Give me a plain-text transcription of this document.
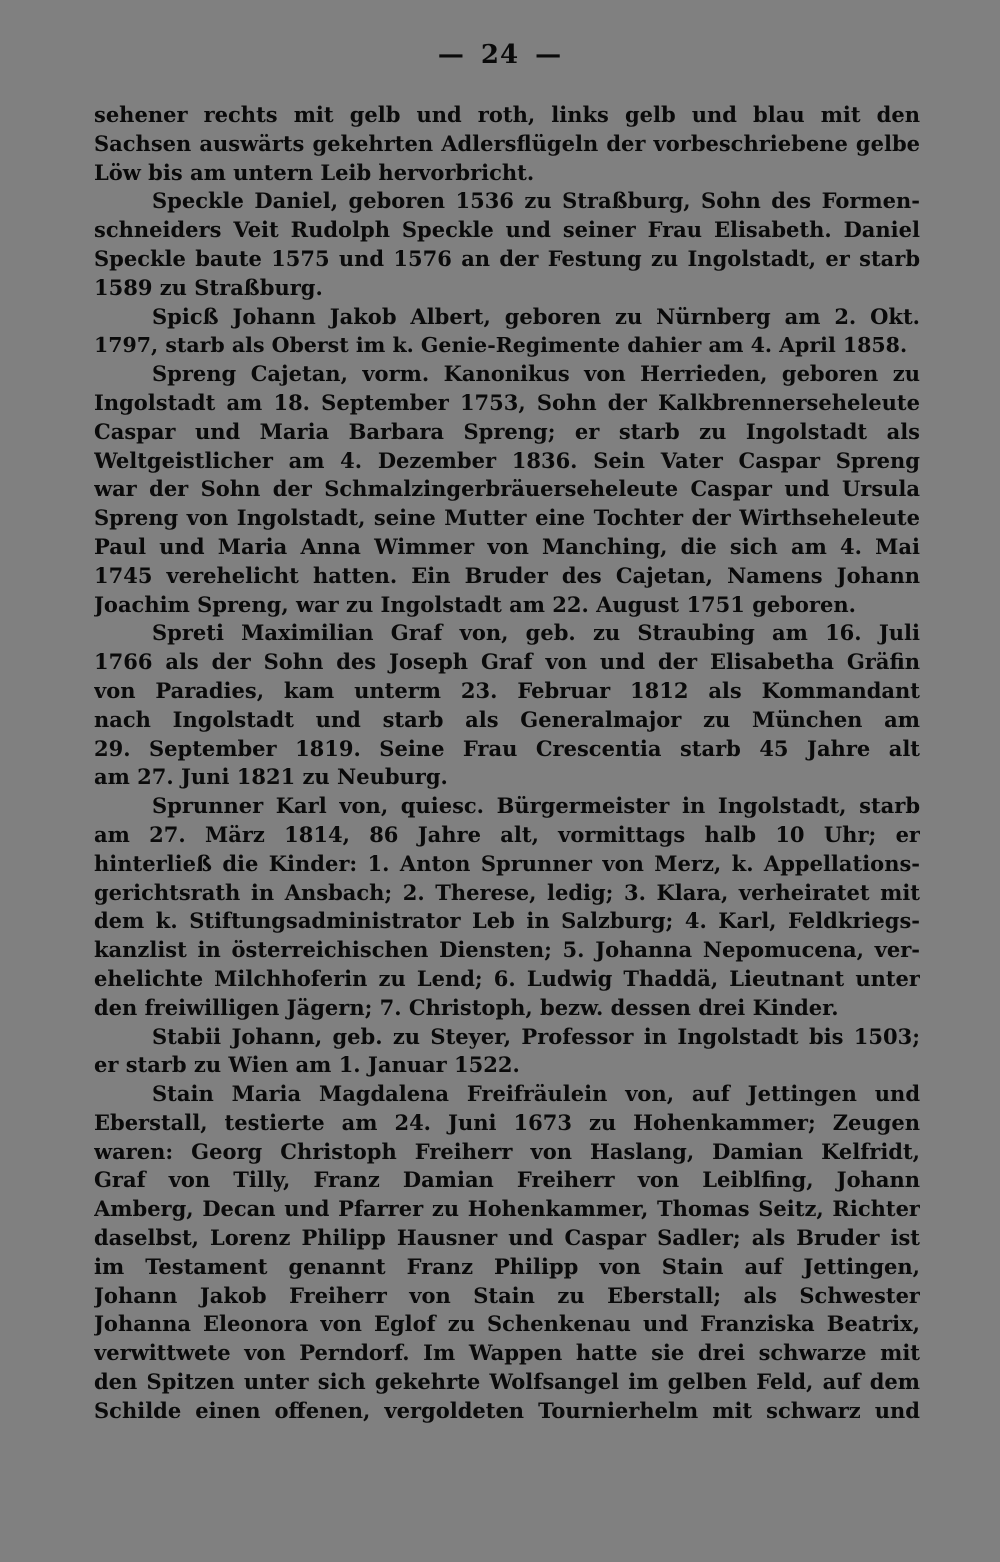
— 24 —
sehener rechts mit gelb und roth, links gelb und blau mit den
Sachsen auswärts gekehrten Adlersflügeln der vorbeschriebene gelbe
Löw bis am untern Leib hervorbricht.
Speckle Daniel, geboren 1536 zu Straßburg, Sohn des Formen-
schneiders Veit Rudolph Speckle und seiner Frau Elisabeth. Daniel
Speckle baute 1575 und 1576 an der Festung zu Ingolstadt, er starb
1589 zu Straßburg.
Spicß Johann Jakob Albert, geboren zu Nürnberg am 2. Okt.
1797, starb als Oberst im k. Genie-Regimente dahier am 4. April 1858.
Spreng Cajetan, vorm. Kanonikus von Herrieden, geboren zu
Ingolstadt am 18. September 1753, Sohn der Kalkbrennerseheleute
Caspar und Maria Barbara Spreng; er starb zu Ingolstadt als
Weltgeistlicher am 4. Dezember 1836. Sein Vater Caspar Spreng
war der Sohn der Schmalzingerbräuerseheleute Caspar und Ursula
Spreng von Ingolstadt, seine Mutter eine Tochter der Wirthseheleute
Paul und Maria Anna Wimmer von Manching, die sich am 4. Mai
1745 verehelicht hatten. Ein Bruder des Cajetan, Namens Johann
Joachim Spreng, war zu Ingolstadt am 22. August 1751 geboren.
Spreti Maximilian Graf von, geb. zu Straubing am 16. Juli
1766 als der Sohn des Joseph Graf von und der Elisabetha Gräfin
von Paradies, kam unterm 23. Februar 1812 als Kommandant
nach Ingolstadt und starb als Generalmajor zu München am
29. September 1819. Seine Frau Crescentia starb 45 Jahre alt
am 27. Juni 1821 zu Neuburg.
Sprunner Karl von, quiesc. Bürgermeister in Ingolstadt, starb
am 27. März 1814, 86 Jahre alt, vormittags halb 10 Uhr; er
hinterließ die Kinder: 1. Anton Sprunner von Merz, k. Appellations-
gerichtsrath in Ansbach; 2. Therese, ledig; 3. Klara, verheiratet mit
dem k. Stiftungsadministrator Leb in Salzburg; 4. Karl, Feldkriegs-
kanzlist in österreichischen Diensten; 5. Johanna Nepomucena, ver-
ehelichte Milchhoferin zu Lend; 6. Ludwig Thaddä, Lieutnant unter
den freiwilligen Jägern; 7. Christoph, bezw. dessen drei Kinder.
Stabii Johann, geb. zu Steyer, Professor in Ingolstadt bis 1503;
er starb zu Wien am 1. Januar 1522.
Stain Maria Magdalena Freifräulein von, auf Jettingen und
Eberstall, testierte am 24. Juni 1673 zu Hohenkammer; Zeugen
waren: Georg Christoph Freiherr von Haslang, Damian Kelfridt,
Graf von Tilly, Franz Damian Freiherr von Leiblfing, Johann
Amberg, Decan und Pfarrer zu Hohenkammer, Thomas Seitz, Richter
daselbst, Lorenz Philipp Hausner und Caspar Sadler; als Bruder ist
im Testament genannt Franz Philipp von Stain auf Jettingen,
Johann Jakob Freiherr von Stain zu Eberstall; als Schwester
Johanna Eleonora von Eglof zu Schenkenau und Franziska Beatrix,
verwittwete von Perndorf. Im Wappen hatte sie drei schwarze mit
den Spitzen unter sich gekehrte Wolfsangel im gelben Feld, auf dem
Schilde einen offenen, vergoldeten Tournierhelm mit schwarz und
